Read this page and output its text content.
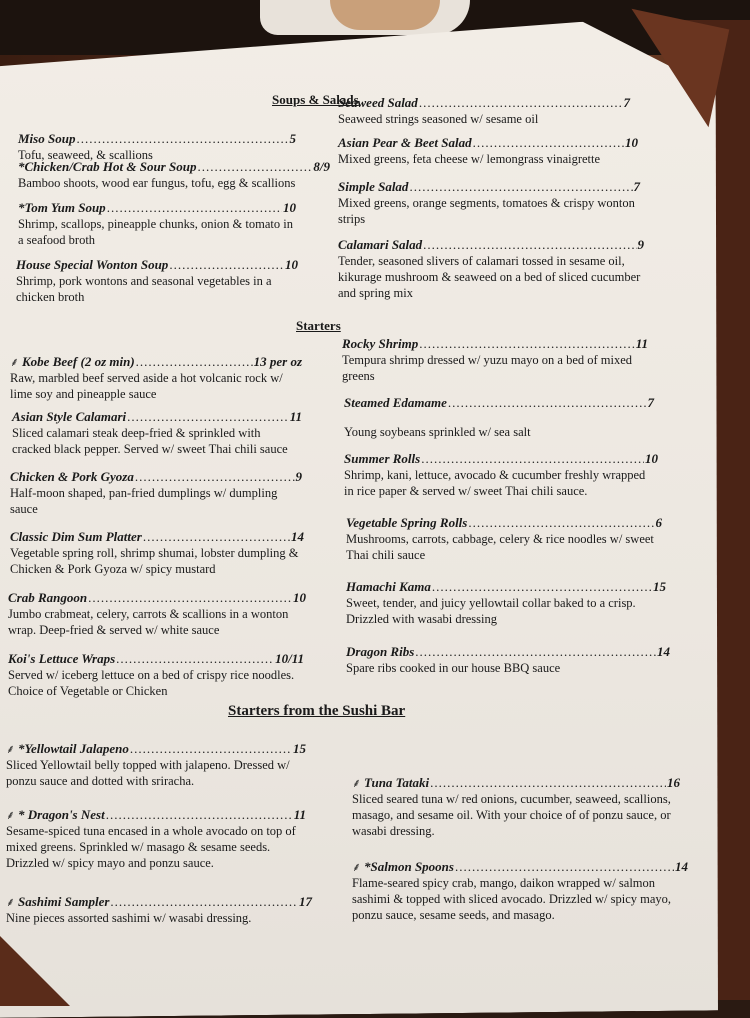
Soups & Salads
Starters
Starters from the Sushi Bar
Miso Soup .....	5
Tofu, seaweed, & scallions
*Chicken/Crab Hot & Sour Soup .....	8/9
Bamboo shoots, wood ear fungus, tofu, egg & scallions
*Tom Yum Soup .....	10
Shrimp, scallops, pineapple chunks, onion & tomato in a seafood broth
House Special Wonton Soup .....	10
Shrimp, pork wontons and seasonal vegetables in a chicken broth
Seaweed Salad .....	7
Seaweed strings seasoned w/ sesame oil
Asian Pear & Beet Salad .....	10
Mixed greens, feta cheese w/ lemongrass vinaigrette
Simple Salad .....	7
Mixed greens, orange segments, tomatoes & crispy wonton strips
Calamari Salad .....	9
Tender, seasoned slivers of calamari tossed in sesame oil, kikurage mushroom & seaweed on a bed of sliced cucumber and spring mix
⸙ Kobe Beef (2 oz min) .....	13 per oz
Raw, marbled beef served aside a hot volcanic rock w/ lime soy and pineapple sauce
Asian Style Calamari .....	11
Sliced calamari steak deep-fried & sprinkled with cracked black pepper. Served w/ sweet Thai chili sauce
Chicken & Pork Gyoza .....	9
Half-moon shaped, pan-fried dumplings w/ dumpling sauce
Classic Dim Sum Platter .....	14
Vegetable spring roll, shrimp shumai, lobster dumpling & Chicken & Pork Gyoza w/ spicy mustard
Crab Rangoon .....	10
Jumbo crabmeat, celery, carrots & scallions in a wonton wrap. Deep-fried & served w/ white sauce
Koi's Lettuce Wraps .....	10/11
Served w/ iceberg lettuce on a bed of crispy rice noodles. Choice of Vegetable or Chicken
Rocky Shrimp .....	11
Tempura shrimp dressed w/ yuzu mayo on a bed of mixed greens
Steamed Edamame .....	7
Young soybeans sprinkled w/ sea salt
Summer Rolls .....	10
Shrimp, kani, lettuce, avocado & cucumber freshly wrapped in rice paper & served w/ sweet Thai chili sauce.
Vegetable Spring Rolls .....	6
Mushrooms, carrots, cabbage, celery & rice noodles w/ sweet Thai chili sauce
Hamachi Kama .....	15
Sweet, tender, and juicy yellowtail collar baked to a crisp. Drizzled with wasabi dressing
Dragon Ribs .....	14
Spare ribs cooked in our house BBQ sauce
⸙ *Yellowtail Jalapeno .....	15
Sliced Yellowtail belly topped with jalapeno. Dressed w/ ponzu sauce and dotted with sriracha.
⸙ * Dragon's Nest .....	11
Sesame-spiced tuna encased in a whole avocado on top of mixed greens. Sprinkled w/ masago & sesame seeds. Drizzled w/ spicy mayo and ponzu sauce.
⸙ Sashimi Sampler .....	17
Nine pieces assorted sashimi w/ wasabi dressing.
⸙ Tuna Tataki .....	16
Sliced seared tuna w/ red onions, cucumber, seaweed, scallions, masago, and sesame oil. With your choice of of ponzu sauce, or wasabi dressing.
⸙ *Salmon Spoons .....	14
Flame-seared spicy crab, mango, daikon wrapped w/ salmon sashimi & topped with sliced avocado. Drizzled w/ spicy mayo, ponzu sauce, sesame seeds, and masago.
